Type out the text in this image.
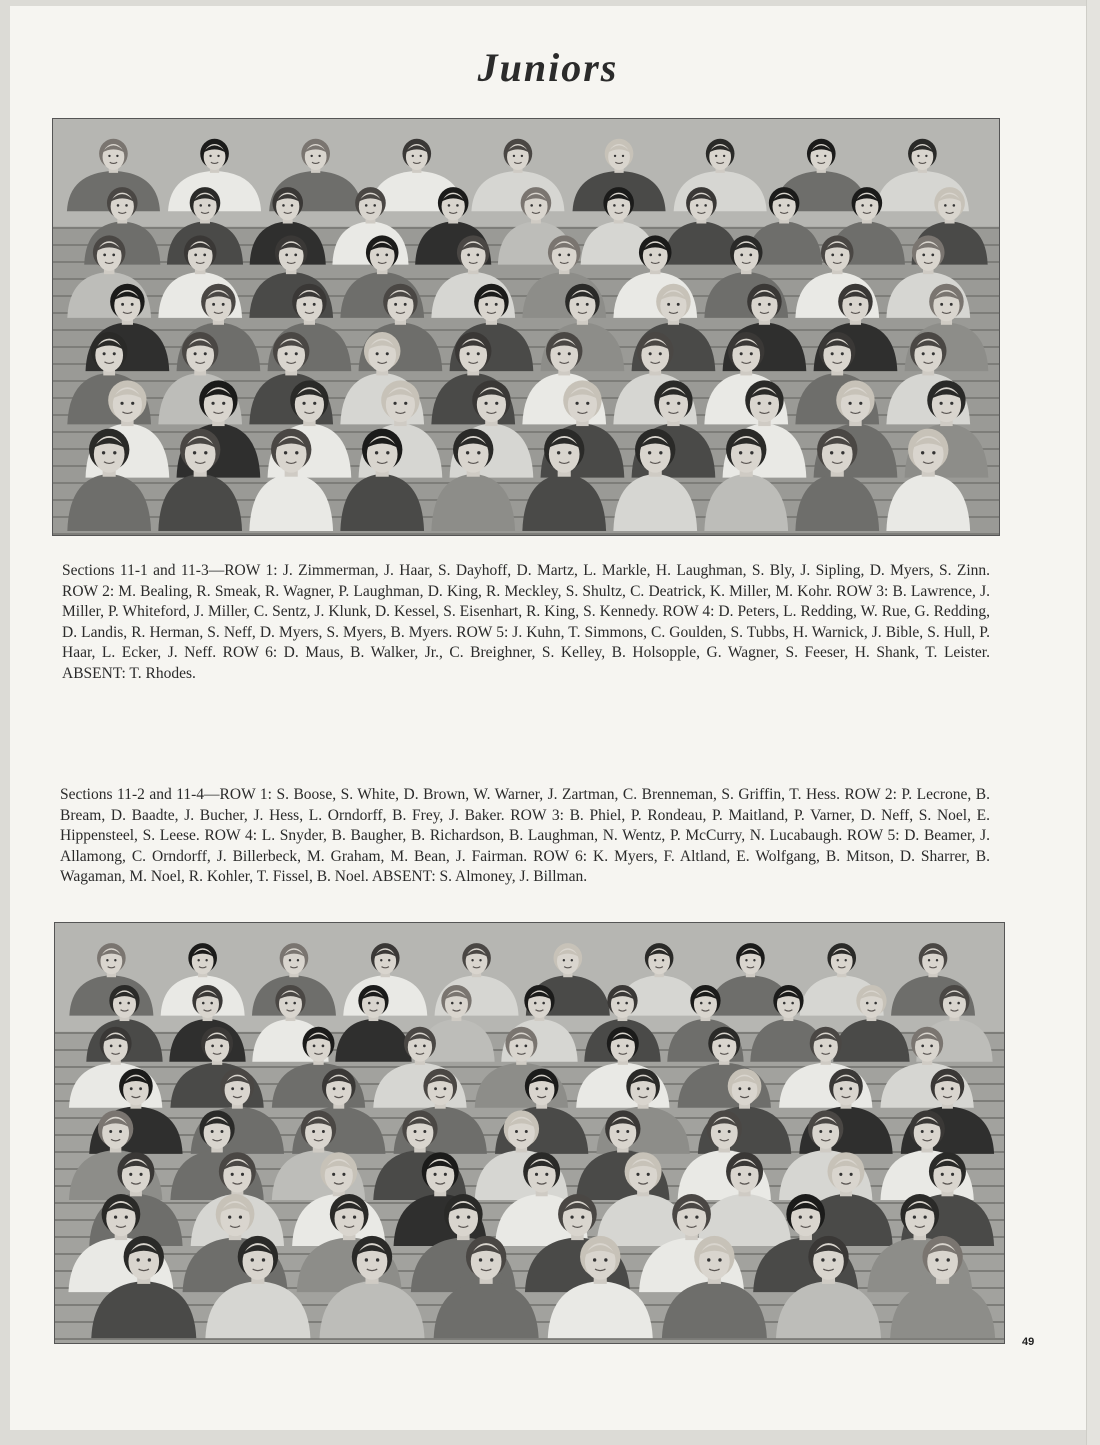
Juniors

Sections 11-1 and 11-3—ROW 1: J. Zimmerman, J. Haar, S. Dayhoff, D. Martz, L. Markle, H. Laughman, S. Bly, J. Sipling, D. Myers, S. Zinn. ROW 2: M. Bealing, R. Smeak, R. Wagner, P. Laughman, D. King, R. Meckley, S. Shultz, C. Deatrick, K. Miller, M. Kohr. ROW 3: B. Lawrence, J. Miller, P. Whiteford, J. Miller, C. Sentz, J. Klunk, D. Kessel, S. Eisenhart, R. King, S. Kennedy. ROW 4: D. Peters, L. Redding, W. Rue, G. Redding, D. Landis, R. Herman, S. Neff, D. Myers, S. Myers, B. Myers. ROW 5: J. Kuhn, T. Simmons, C. Goulden, S. Tubbs, H. Warnick, J. Bible, S. Hull, P. Haar, L. Ecker, J. Neff. ROW 6: D. Maus, B. Walker, Jr., C. Breighner, S. Kelley, B. Holsopple, G. Wagner, S. Feeser, H. Shank, T. Leister. ABSENT: T. Rhodes.

Sections 11-2 and 11-4—ROW 1: S. Boose, S. White, D. Brown, W. Warner, J. Zartman, C. Brenneman, S. Griffin, T. Hess. ROW 2: P. Lecrone, B. Bream, D. Baadte, J. Bucher, J. Hess, L. Orndorff, B. Frey, J. Baker. ROW 3: B. Phiel, P. Rondeau, P. Maitland, P. Varner, D. Neff, S. Noel, E. Hippensteel, S. Leese. ROW 4: L. Snyder, B. Baugher, B. Richardson, B. Laughman, N. Wentz, P. McCurry, N. Lucabaugh. ROW 5: D. Beamer, J. Allamong, C. Orndorff, J. Billerbeck, M. Graham, M. Bean, J. Fairman. ROW 6: K. Myers, F. Altland, E. Wolfgang, B. Mitson, D. Sharrer, B. Wagaman, M. Noel, R. Kohler, T. Fissel, B. Noel. ABSENT: S. Almoney, J. Billman.

49
